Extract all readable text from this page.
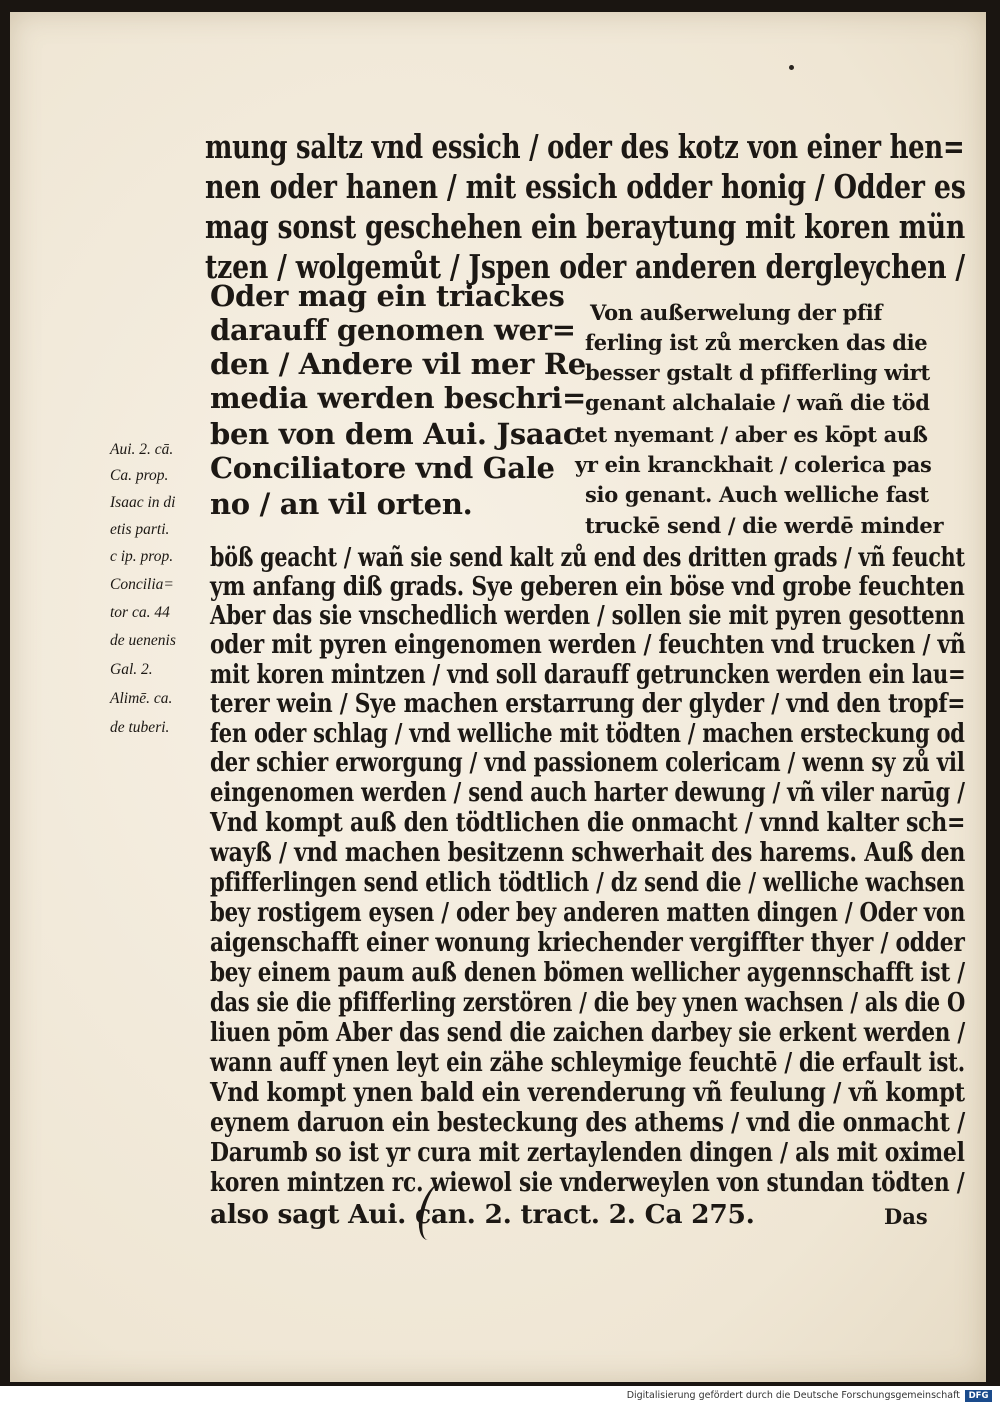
mung saltz vnd essich / oder des kotz von einer hen=
nen oder hanen / mit essich odder honig / Odder es
mag sonst geschehen ein beraytung mit koren mün
tzen / wolgemůt / Jspen oder anderen dergleychen /
Oder mag ein triackes
darauff genomen wer=
den / Andere vil mer Re
media werden beschri=
ben von dem Aui. Jsaac
Conciliatore vnd Gale
no / an vil orten.
Von außerwelung der pfif
ferling ist zů mercken das die
besser gstalt d pfifferling wirt
genant alchalaie / wañ die töd
tet nyemant / aber es kōpt auß
yr ein kranckhait / colerica pas
sio genant. Auch welliche fast
truckē send / die werdē minder
böß geacht / wañ sie send kalt zů end des dritten grads / vñ feucht
ym anfang diß grads. Sye geberen ein böse vnd grobe feuchten
Aber das sie vnschedlich werden / sollen sie mit pyren gesottenn
oder mit pyren eingenomen werden / feuchten vnd trucken / vñ
mit koren mintzen / vnd soll darauff getruncken werden ein lau=
terer wein / Sye machen erstarrung der glyder / vnd den tropf=
fen oder schlag / vnd welliche mit tödten / machen ersteckung od
der schier erworgung / vnd passionem colericam / wenn sy zů vil
eingenomen werden / send auch harter dewung / vñ viler narūg /
Vnd kompt auß den tödtlichen die onmacht / vnnd kalter sch=
wayß / vnd machen besitzenn schwerhait des harems. Auß den
pfifferlingen send etlich tödtlich / dz send die / welliche wachsen
bey rostigem eysen / oder bey anderen matten dingen / Oder von
aigenschafft einer wonung kriechender vergiffter thyer / odder
bey einem paum auß denen bömen wellicher aygennschafft ist /
das sie die pfifferling zerstören / die bey ynen wachsen / als die O
liuen pōm Aber das send die zaichen darbey sie erkent werden /
wann auff ynen leyt ein zähe schleymige feuchtē / die erfault ist.
Vnd kompt ynen bald ein verenderung vñ feulung / vñ kompt
eynem daruon ein besteckung des athems / vnd die onmacht /
Darumb so ist yr cura mit zertaylenden dingen / als mit oximel
koren mintzen rc. wiewol sie vnderweylen von stundan tödten /
also sagt Aui. can. 2. tract. 2. Ca 275.	Das
Aui. 2. cā.
Ca. prop.
Isaac in di
etis parti.
c ip. prop.
Concilia=
tor ca. 44
de uenenis
Gal. 2.
Alimē. ca.
de tuberi.
Digitalisierung gefördert durch die Deutsche Forschungsgemeinschaft	DFG
